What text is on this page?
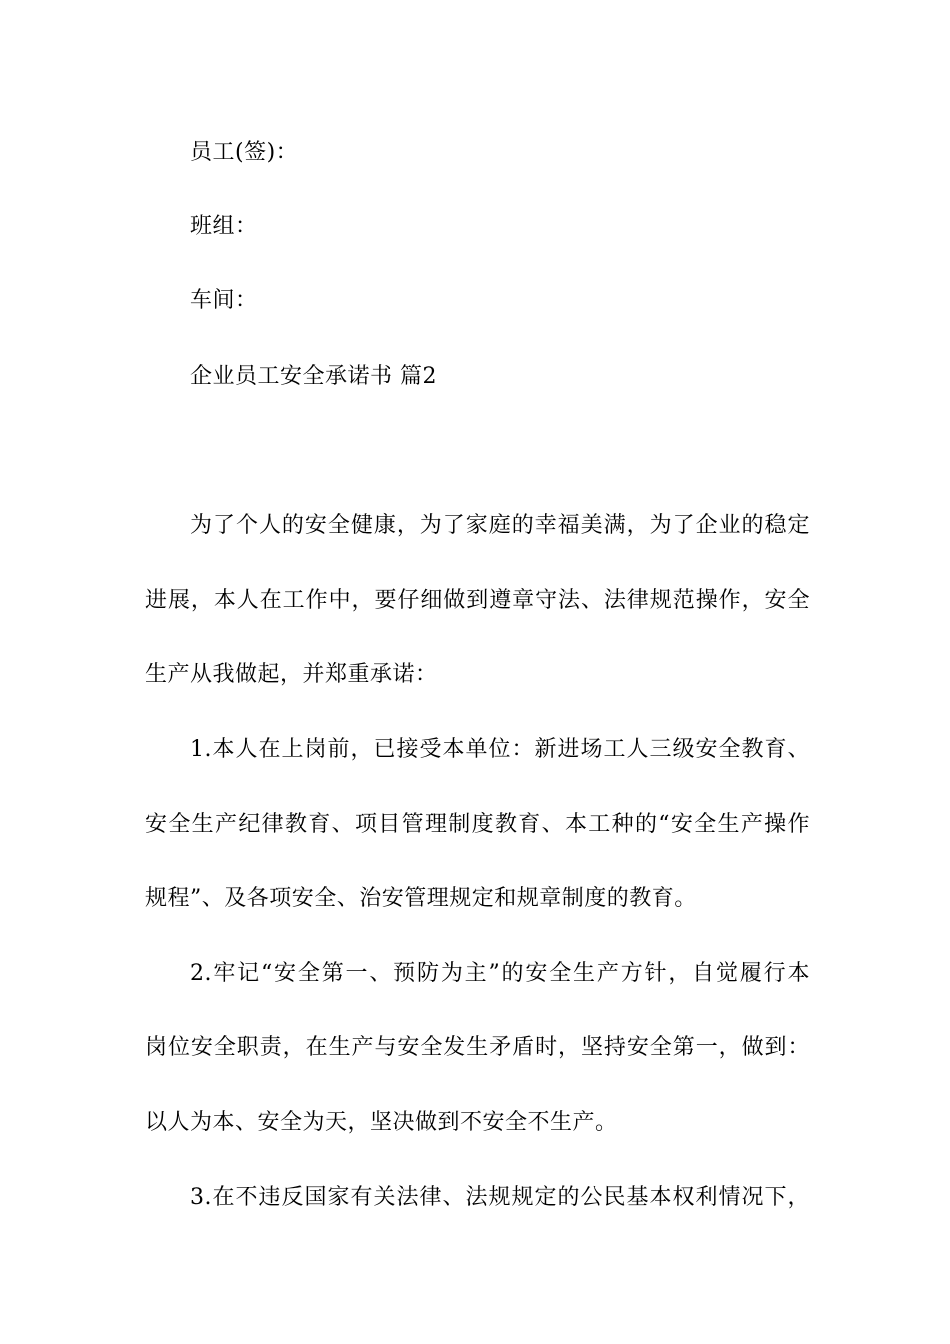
员工(签)：
班组：
车间：
企业员工安全承诺书 篇2
为了个人的安全健康，为了家庭的幸福美满，为了企业的稳定
进展，本人在工作中，要仔细做到遵章守法、法律规范操作，安全
生产从我做起，并郑重承诺：
1.本人在上岗前，已接受本单位：新进场工人三级安全教育、
安全生产纪律教育、项目管理制度教育、本工种的“安全生产操作
规程”、及各项安全、治安管理规定和规章制度的教育。
2.牢记“安全第一、预防为主”的安全生产方针，自觉履行本
岗位安全职责，在生产与安全发生矛盾时，坚持安全第一，做到：
以人为本、安全为天，坚决做到不安全不生产。
3.在不违反国家有关法律、法规规定的公民基本权利情况下，
